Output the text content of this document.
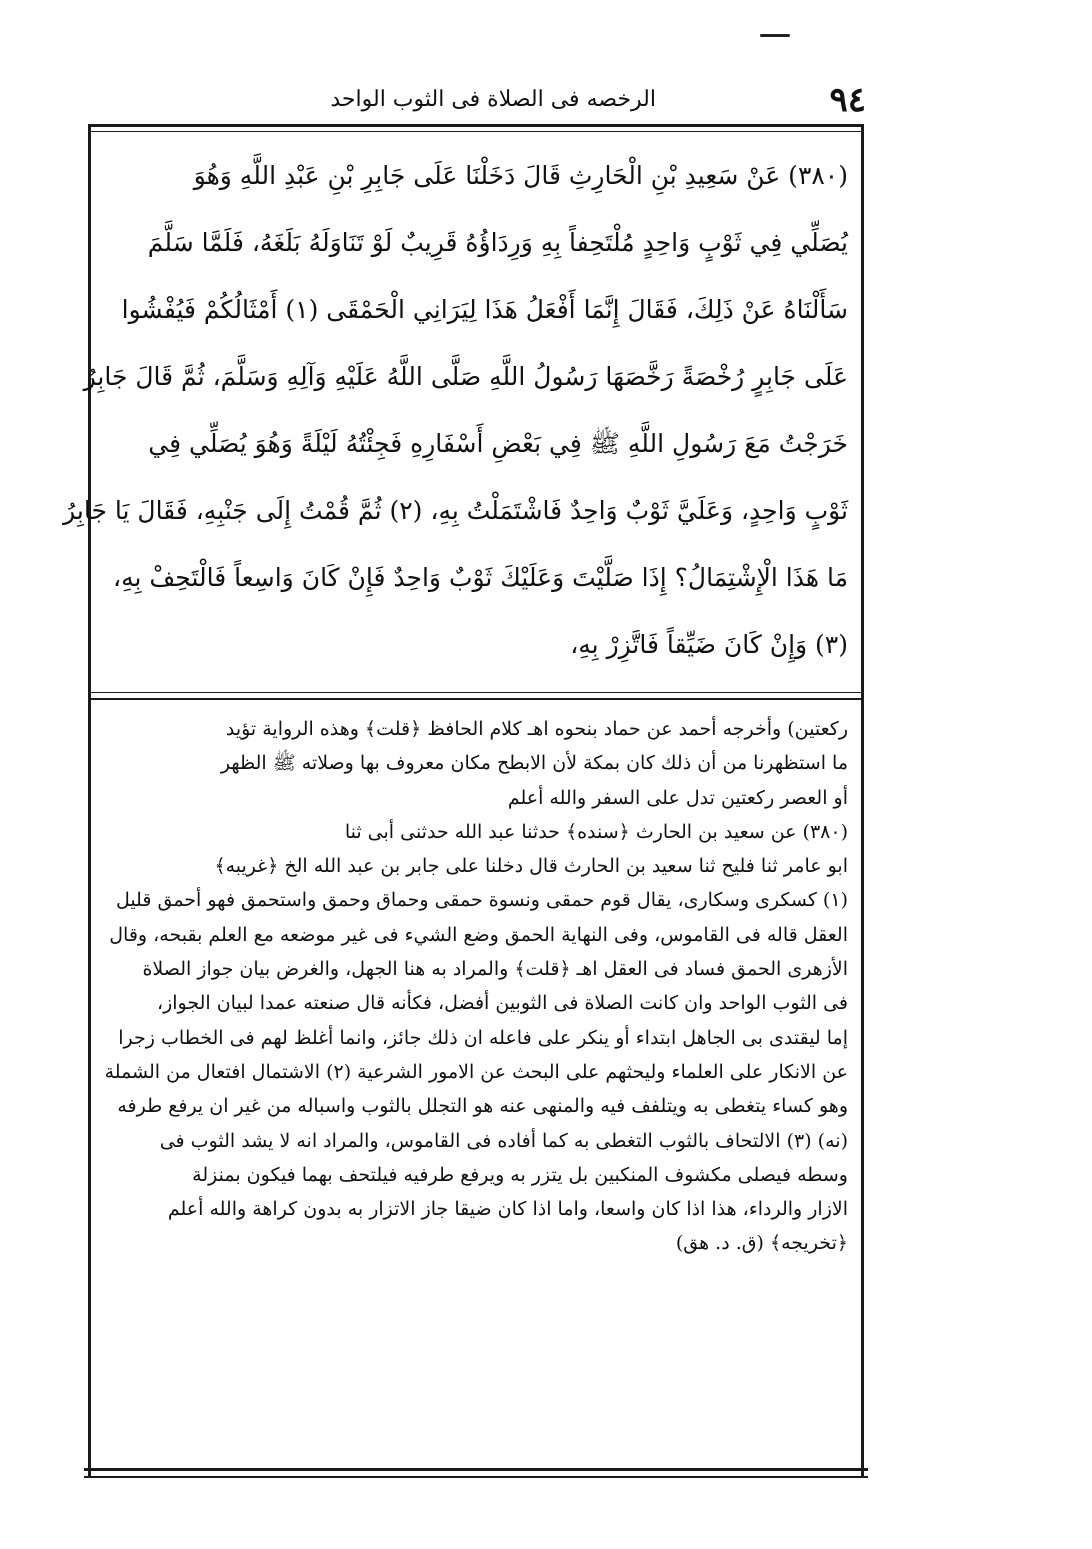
٩٤
الرخصه فى الصلاة فى الثوب الواحد
(٣٨٠) عَنْ سَعِيدِ بْنِ الْحَارِثِ قَالَ دَخَلْنَا عَلَى جَابِرِ بْنِ عَبْدِ اللَّهِ وَهُوَ
يُصَلِّي فِي ثَوْبٍ وَاحِدٍ مُلْتَحِفاً بِهِ وَرِدَاؤُهُ قَرِيبٌ لَوْ تَنَاوَلَهُ بَلَغَهُ، فَلَمَّا سَلَّمَ
سَأَلْنَاهُ عَنْ ذَلِكَ، فَقَالَ إِنَّمَا أَفْعَلُ هَذَا لِيَرَانِي الْحَمْقَى (١) أَمْثَالُكُمْ فَيُفْشُوا
عَلَى جَابِرٍ رُخْصَةً رَخَّصَهَا رَسُولُ اللَّهِ صَلَّى اللَّهُ عَلَيْهِ وَآلِهِ وَسَلَّمَ، ثُمَّ قَالَ جَابِرٌ
خَرَجْتُ مَعَ رَسُولِ اللَّهِ ﷺ فِي بَعْضِ أَسْفَارِهِ فَجِئْتُهُ لَيْلَةً وَهُوَ يُصَلِّي فِي
ثَوْبٍ وَاحِدٍ، وَعَلَيَّ ثَوْبٌ وَاحِدٌ فَاشْتَمَلْتُ بِهِ، (٢) ثُمَّ قُمْتُ إِلَى جَنْبِهِ، فَقَالَ يَا جَابِرُ
مَا هَذَا الْإِشْتِمَالُ؟ إِذَا صَلَّيْتَ وَعَلَيْكَ ثَوْبٌ وَاحِدٌ فَإِنْ كَانَ وَاسِعاً فَالْتَحِفْ بِهِ،
(٣) وَإِنْ كَانَ ضَيِّقاً فَاتَّزِرْ بِهِ،
ركعتين) وأخرجه أحمد عن حماد بنحوه اهـ كلام الحافظ ﴿قلت﴾ وهذه الرواية تؤيد
ما استظهرنا من أن ذلك كان بمكة لأن الابطح مكان معروف بها وصلاته ﷺ الظهر
أو العصر ركعتين تدل على السفر والله أعلم
(٣٨٠) عن سعيد بن الحارث ﴿سنده﴾ حدثنا عبد الله حدثنى أبى ثنا
ابو عامر ثنا فليح ثنا سعيد بن الحارث قال دخلنا على جابر بن عبد الله الخ ﴿غريبه﴾
(١) كسكرى وسكارى، يقال قوم حمقى ونسوة حمقى وحماق وحمق واستحمق فهو أحمق قليل
العقل قاله فى القاموس، وفى النهاية الحمق وضع الشيء فى غير موضعه مع العلم بقبحه، وقال
الأزهرى الحمق فساد فى العقل اهـ ﴿قلت﴾ والمراد به هنا الجهل، والغرض بيان جواز الصلاة
فى الثوب الواحد وان كانت الصلاة فى الثوبين أفضل، فكأنه قال صنعته عمدا لبيان الجواز،
إما ليقتدى بى الجاهل ابتداء أو ينكر على فاعله ان ذلك جائز، وانما أغلظ لهم فى الخطاب زجرا
عن الانكار على العلماء وليحثهم على البحث عن الامور الشرعية (٢) الاشتمال افتعال من الشملة
وهو كساء يتغطى به ويتلفف فيه والمنهى عنه هو التجلل بالثوب واسباله من غير ان يرفع طرفه
(نه) (٣) الالتحاف بالثوب التغطى به كما أفاده فى القاموس، والمراد انه لا يشد الثوب فى
وسطه فيصلى مكشوف المنكبين بل يتزر به ويرفع طرفيه فيلتحف بهما فيكون بمنزلة
الازار والرداء، هذا اذا كان واسعا، واما اذا كان ضيقا جاز الاتزار به بدون كراهة والله أعلم
﴿تخريجه﴾ (ق. د. هق)
